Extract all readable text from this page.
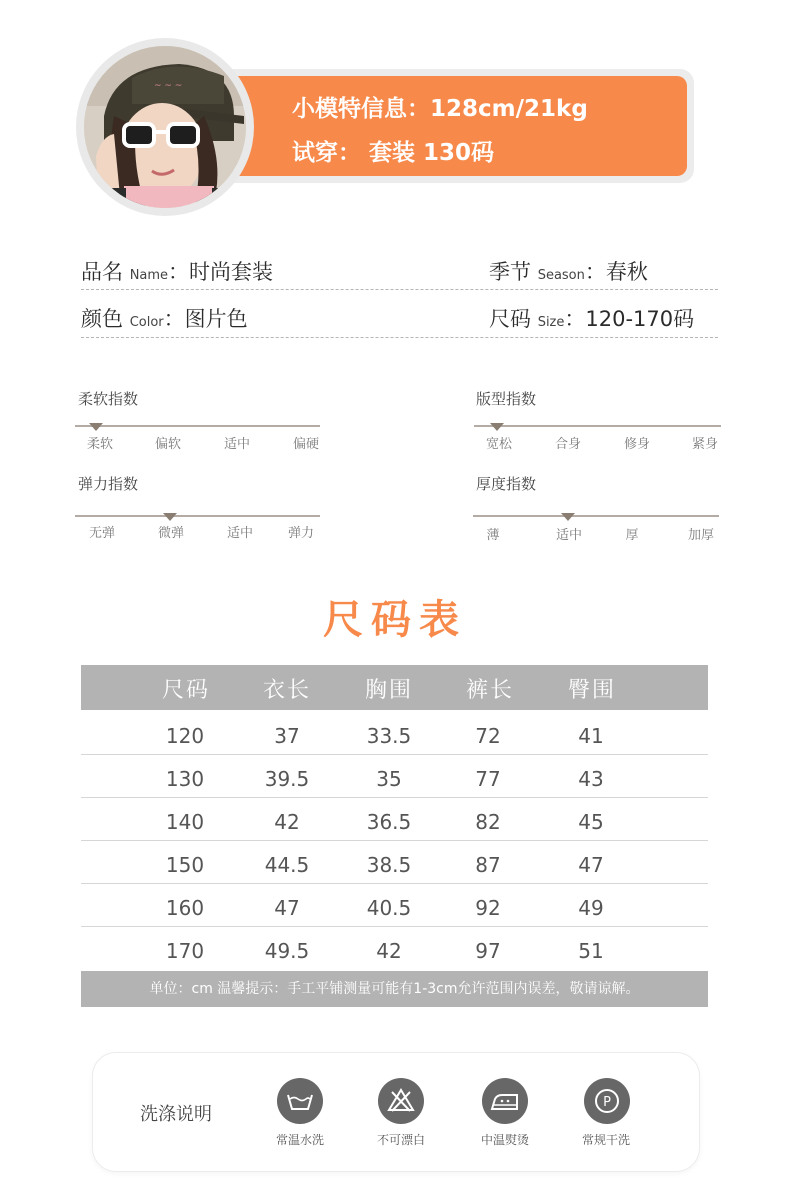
小模特信息：128cm/21kg
试穿： 套装 130码
~ ~ ~
品名 Name：时尚套装	季节 Season：春秋
颜色 Color：图片色	尺码 Size：120-170码
柔软指数
柔软	偏软	适中	偏硬
版型指数
宽松	合身	修身	紧身
弹力指数
无弹	微弹	适中	弹力
厚度指数
薄	适中	厚	加厚
尺码表
尺码 衣长 胸围 裤长 臀围
120	37	33.5	72	41
130	39.5	35	77	43
140	42	36.5	82	45
150	44.5	38.5	87	47
160	47	40.5	92	49
170	49.5	42	97	51
单位：cm 温馨提示：手工平铺测量可能有1-3cm允许范围内误差，敬请谅解。
洗涤说明
常温水洗	不可漂白	中温熨烫
P
常规干洗
